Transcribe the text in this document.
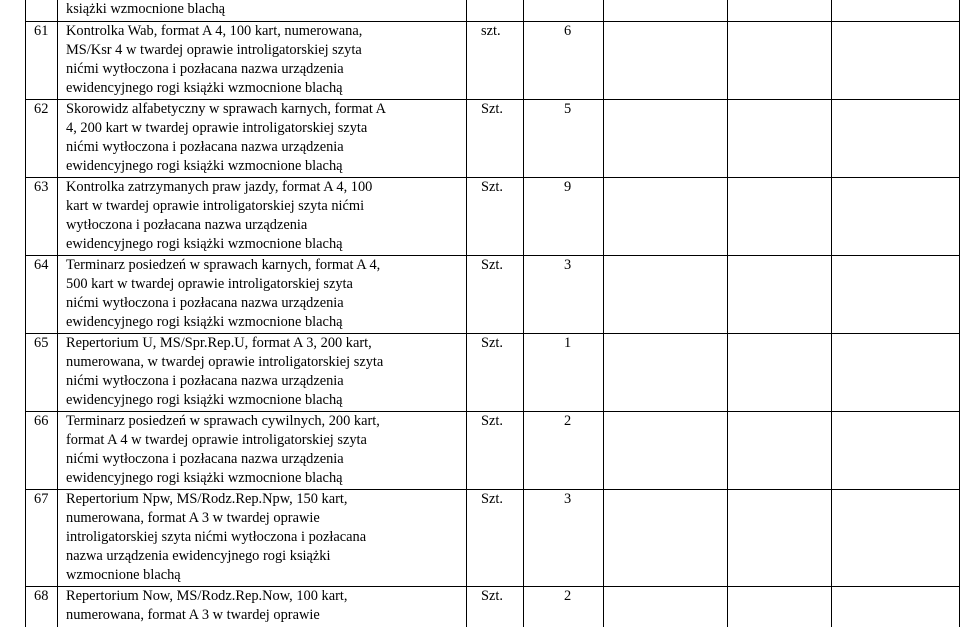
książki wzmocnione blachą
61	Kontrolka Wab, format A 4, 100 kart, numerowana,
MS/Ksr 4 w twardej oprawie introligatorskiej szyta
nićmi wytłoczona i pozłacana nazwa urządzenia
ewidencyjnego rogi książki wzmocnione blachą
szt.	6
62	Skorowidz alfabetyczny w sprawach karnych, format A
4, 200 kart w twardej oprawie introligatorskiej szyta
nićmi wytłoczona i pozłacana nazwa urządzenia
ewidencyjnego rogi książki wzmocnione blachą
Szt.	5
63	Kontrolka zatrzymanych praw jazdy, format A 4, 100
kart w twardej oprawie introligatorskiej szyta nićmi
wytłoczona i pozłacana nazwa urządzenia
ewidencyjnego rogi książki wzmocnione blachą
Szt.	9
64	Terminarz posiedzeń w sprawach karnych, format A 4,
500 kart w twardej oprawie introligatorskiej szyta
nićmi wytłoczona i pozłacana nazwa urządzenia
ewidencyjnego rogi książki wzmocnione blachą
Szt.	3
65	Repertorium U, MS/Spr.Rep.U, format A 3, 200 kart,
numerowana, w twardej oprawie introligatorskiej szyta
nićmi wytłoczona i pozłacana nazwa urządzenia
ewidencyjnego rogi książki wzmocnione blachą
Szt.	1
66	Terminarz posiedzeń w sprawach cywilnych, 200 kart,
format A 4 w twardej oprawie introligatorskiej szyta
nićmi wytłoczona i pozłacana nazwa urządzenia
ewidencyjnego rogi książki wzmocnione blachą
Szt.	2
67	Repertorium Npw, MS/Rodz.Rep.Npw, 150 kart,
numerowana, format A 3 w twardej oprawie
introligatorskiej szyta nićmi wytłoczona i pozłacana
nazwa urządzenia ewidencyjnego rogi książki
wzmocnione blachą
Szt.	3
68	Repertorium Now, MS/Rodz.Rep.Now, 100 kart,
numerowana, format A 3 w twardej oprawie
Szt.	2
